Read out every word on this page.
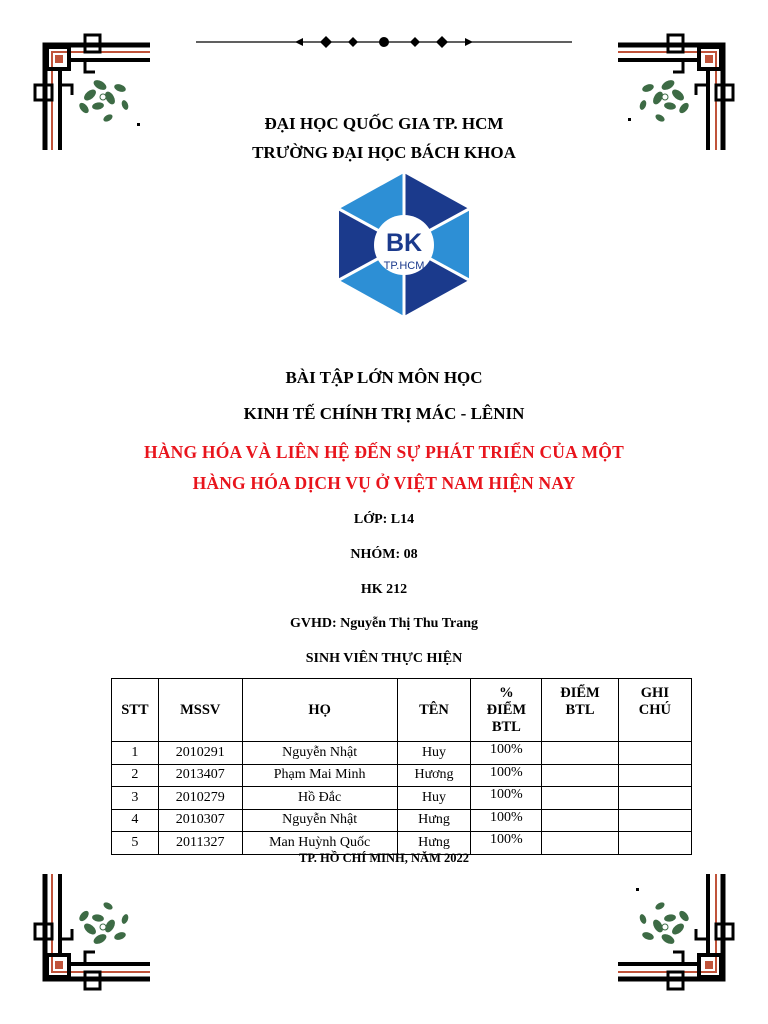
ĐẠI HỌC QUỐC GIA TP. HCM
TRƯỜNG ĐẠI HỌC BÁCH KHOA
BK
TP.HCM
BÀI TẬP LỚN MÔN HỌC
KINH TẾ CHÍNH TRỊ MÁC - LÊNIN
HÀNG HÓA VÀ LIÊN HỆ ĐẾN SỰ PHÁT TRIỂN CỦA MỘT
HÀNG HÓA DỊCH VỤ Ở VIỆT NAM HIỆN NAY
LỚP: L14
NHÓM: 08
HK 212
GVHD: Nguyễn Thị Thu Trang
SINH VIÊN THỰC HIỆN
STT	MSSV	HỌ	TÊN	% ĐIỂM BTL	ĐIỂM BTL	GHI CHÚ
1	2010291	Nguyễn Nhật	Huy	100%		
2	2013407	Phạm Mai Minh	Hương	100%		
3	2010279	Hồ Đắc	Huy	100%		
4	2010307	Nguyễn Nhật	Hưng	100%		
5	2011327	Man Huỳnh Quốc	Hưng	100%		
TP. HỒ CHÍ MINH, NĂM 2022
